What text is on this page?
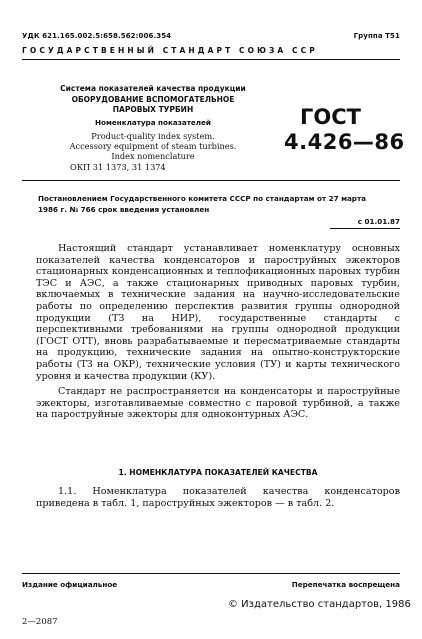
УДК 621.165.002.5:658.562:006.354	Группа Т51
ГОСУДАРСТВЕННЫЙ СТАНДАРТ СОЮЗА ССР
Система показателей качества продукции
ОБОРУДОВАНИЕ ВСПОМОГАТЕЛЬНОЕ
ПАРОВЫХ ТУРБИН
Номенклатура показателей
Product-quality index system.
Accessory equipment of steam turbines.
Index nomenclature
ОКП 31 1373, 31 1374
ГОСТ
4.426—86
Постановлением Государственного комитета СССР по стандартам от 27 марта
1986 г. № 766 срок введения установлен
с 01.01.87

Настоящий стандарт устанавливает номенклатуру основных показателей качества конденсаторов и пароструйных эжекторов стационарных конденсационных и теплофикационных паровых турбин ТЭС и АЭС, а также стационарных приводных паровых турбин, включаемых в технические задания на научно-исследовательские работы по определению перспектив развития группы однородной продукции (ТЗ на НИР), государственные стандарты с перспективными требованиями на группы однородной продукции (ГОСТ ОТТ), вновь разрабатываемые и пересматриваемые стандарты на продукцию, технические задания на опытно-конструкторские работы (ТЗ на ОКР), технические условия (ТУ) и карты технического уровня и качества продукции (КУ).

Стандарт не распространяется на конденсаторы и пароструйные эжекторы, изготавливаемые совместно с паровой турбиной, а также на пароструйные эжекторы для одноконтурных АЭС.

1. НОМЕНКЛАТУРА ПОКАЗАТЕЛЕЙ КАЧЕСТВА

1.1. Номенклатура показателей качества конденсаторов приведена в табл. 1, пароструйных эжекторов — в табл. 2.

Издание официальное	Перепечатка воспрещена
© Издательство стандартов, 1986
2—2087
